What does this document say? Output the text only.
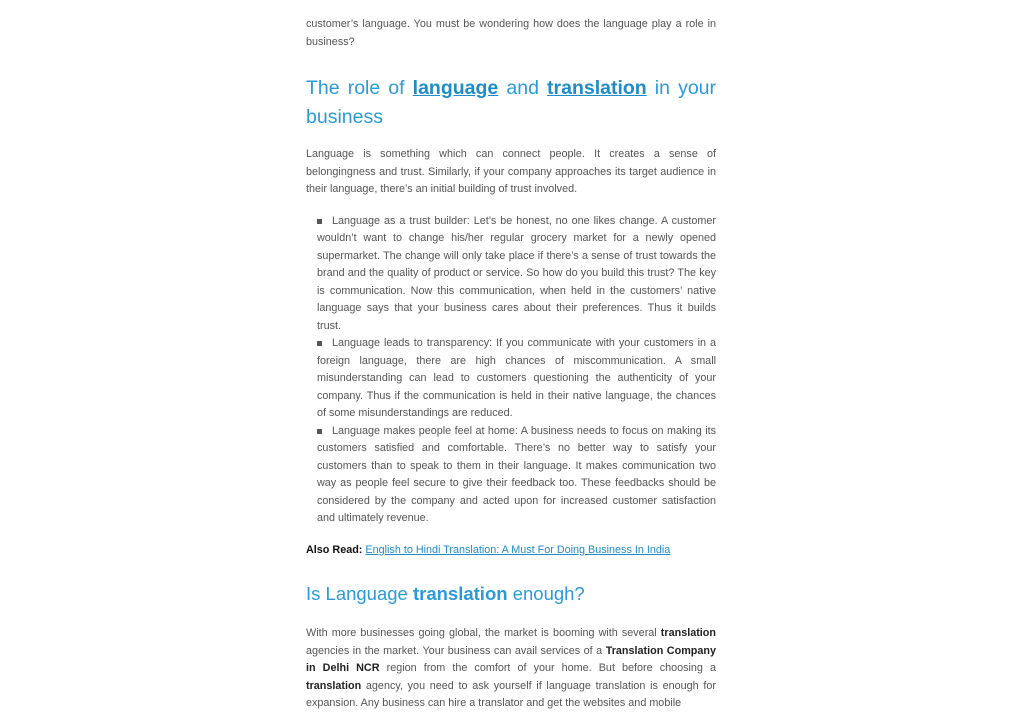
customer’s language. You must be wondering how does the language play a role in business?

The role of language and translation in your business

Language is something which can connect people. It creates a sense of belongingness and trust. Similarly, if your company approaches its target audience in their language, there’s an initial building of trust involved.

Language as a trust builder: Let’s be honest, no one likes change. A customer wouldn’t want to change his/her regular grocery market for a newly opened supermarket. The change will only take place if there’s a sense of trust towards the brand and the quality of product or service. So how do you build this trust? The key is communication. Now this communication, when held in the customers’ native language says that your business cares about their preferences. Thus it builds trust.
Language leads to transparency: If you communicate with your customers in a foreign language, there are high chances of miscommunication. A small misunderstanding can lead to customers questioning the authenticity of your company. Thus if the communication is held in their native language, the chances of some misunderstandings are reduced.
Language makes people feel at home: A business needs to focus on making its customers satisfied and comfortable. There’s no better way to satisfy your customers than to speak to them in their language. It makes communication two way as people feel secure to give their feedback too. These feedbacks should be considered by the company and acted upon for increased customer satisfaction and ultimately revenue.

Also Read: English to Hindi Translation: A Must For Doing Business In India

Is Language translation enough?

With more businesses going global, the market is booming with several translation agencies in the market. Your business can avail services of a Translation Company in Delhi NCR region from the comfort of your home. But before choosing a translation agency, you need to ask yourself if language translation is enough for expansion. Any business can hire a translator and get the websites and mobile
